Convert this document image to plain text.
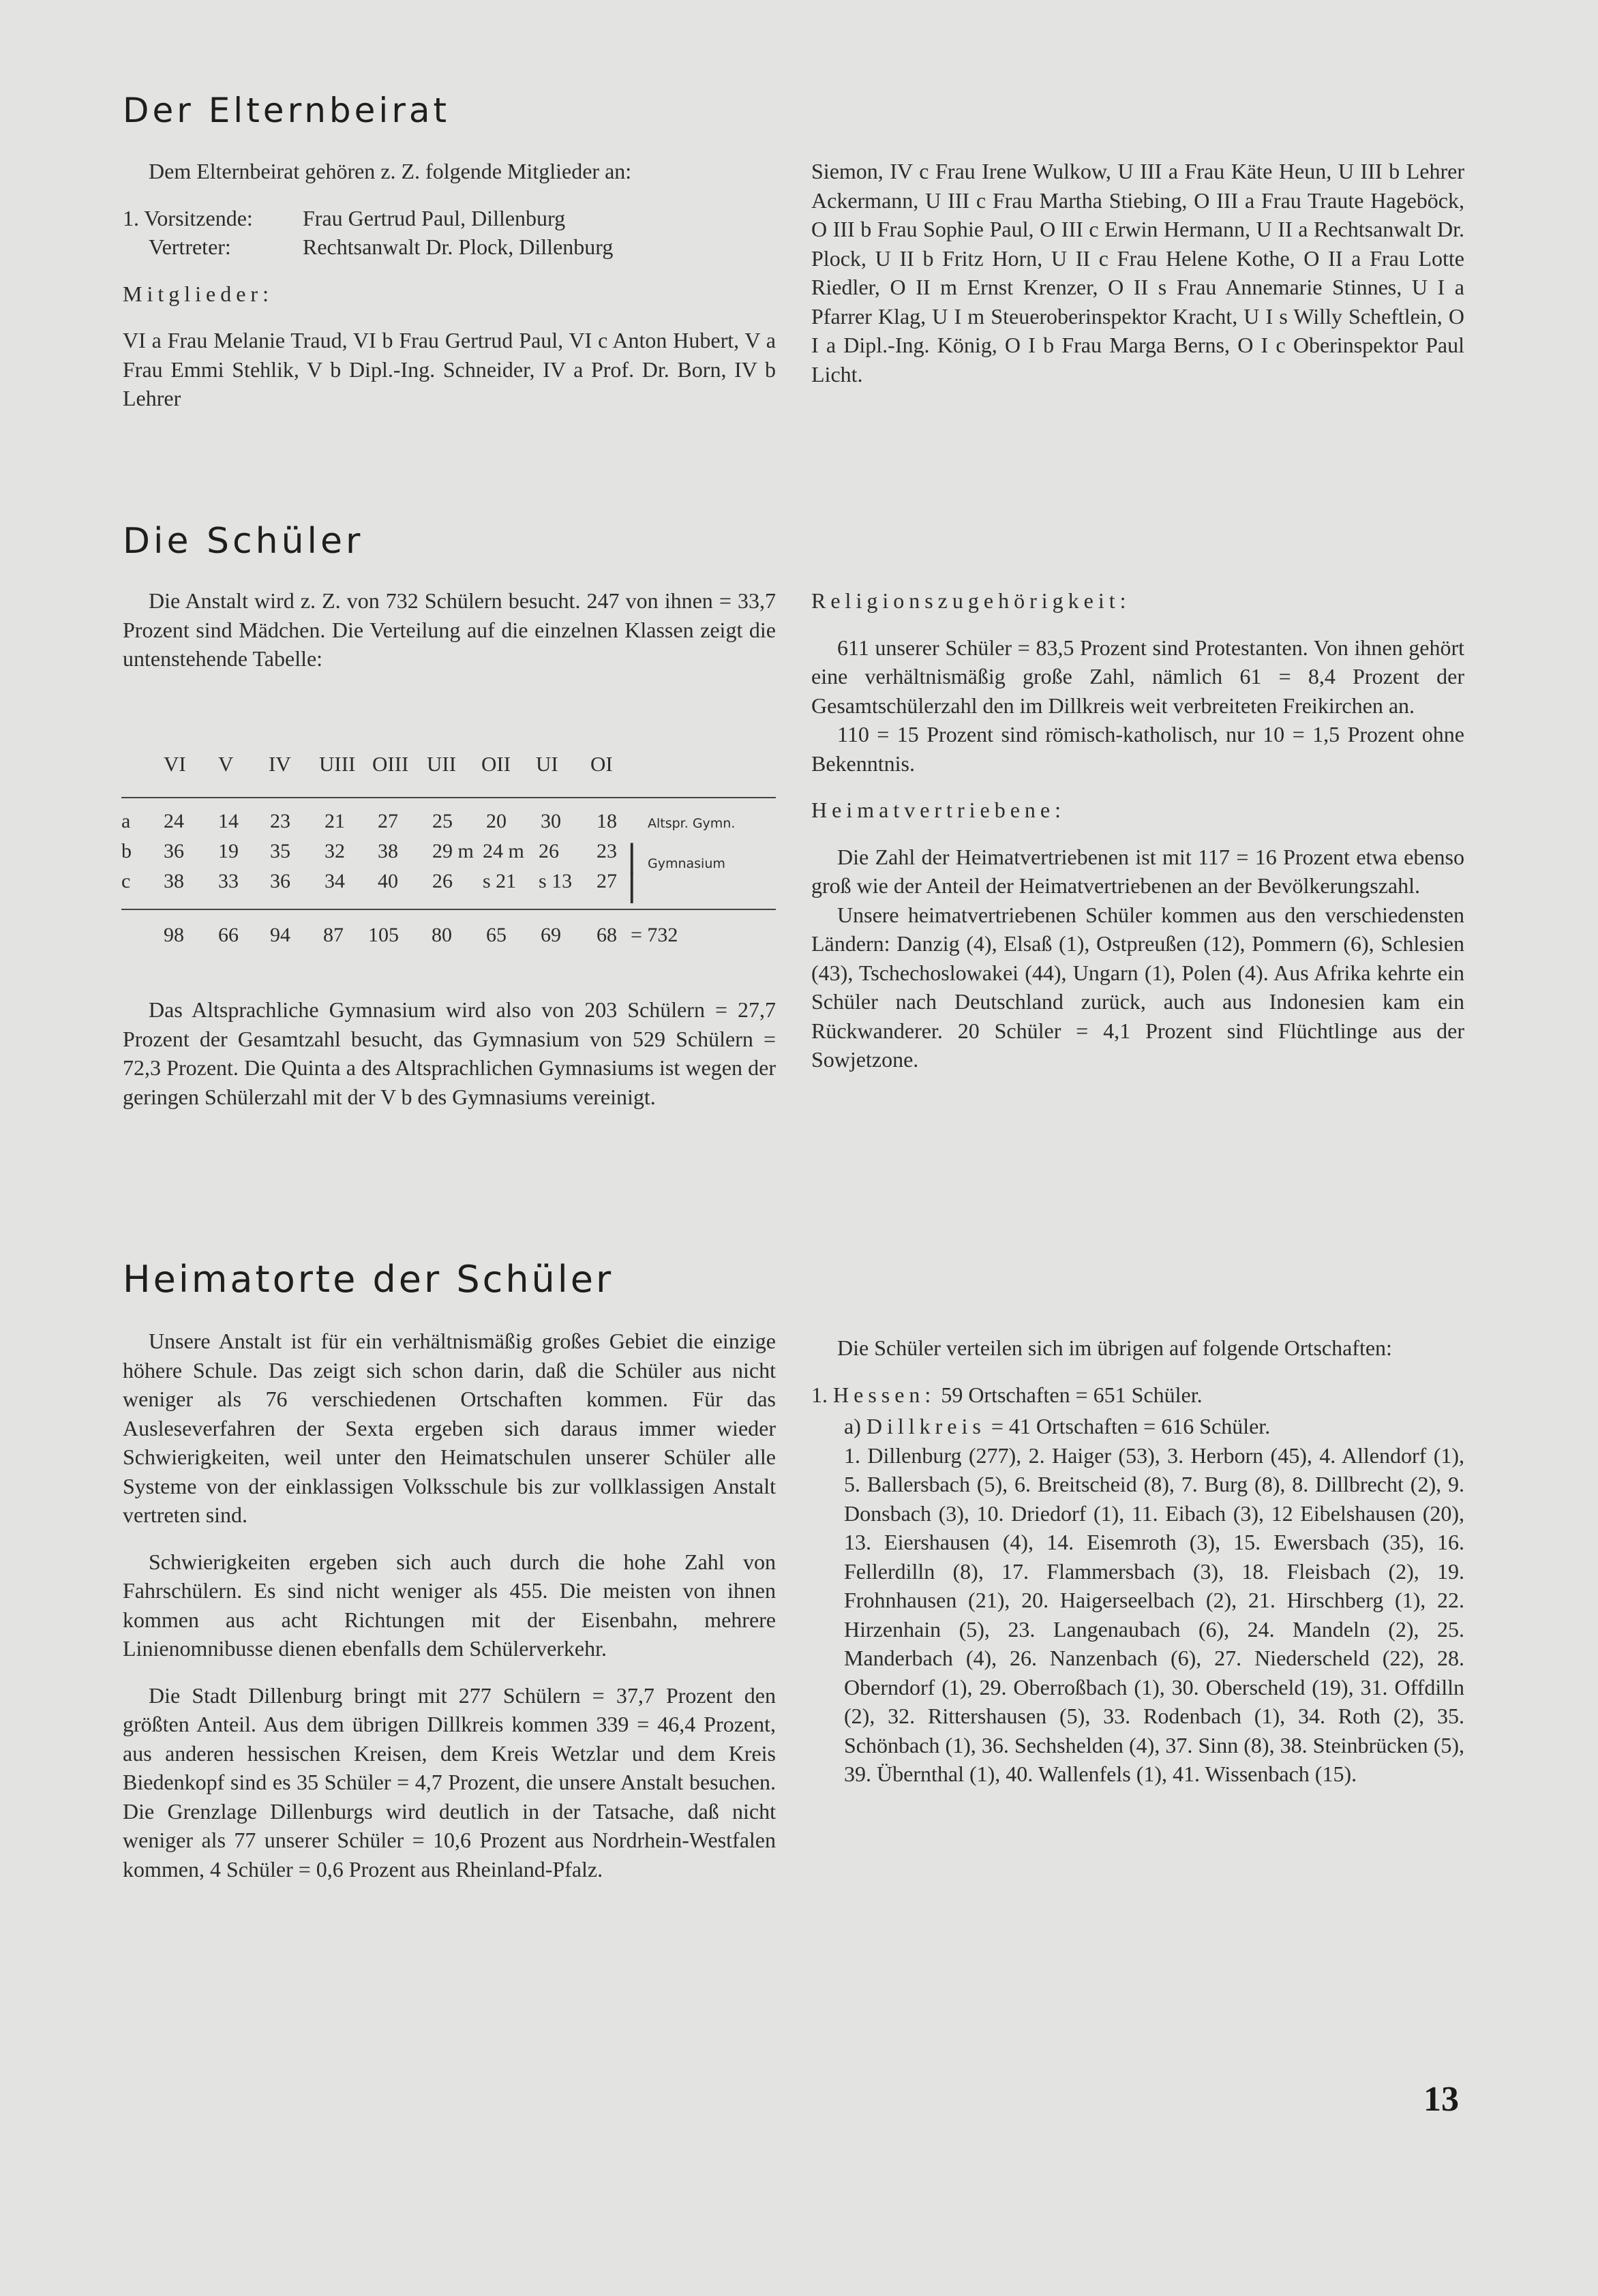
Der Elternbeirat

Dem Elternbeirat gehören z. Z. folgende Mitglieder an:

1. Vorsitzende: Frau Gertrud Paul, Dillenburg

Vertreter:	Rechtsanwalt Dr. Plock, Dillenburg

Mitglieder:

VI a Frau Melanie Traud, VI b Frau Gertrud Paul, VI c Anton Hubert, V a Frau Emmi Stehlik, V b Dipl.-Ing. Schneider, IV a Prof. Dr. Born, IV b Lehrer

Siemon, IV c Frau Irene Wulkow, U III a Frau Käte Heun, U III b Lehrer Ackermann, U III c Frau Martha Stiebing, O III a Frau Traute Hageböck, O III b Frau Sophie Paul, O III c Erwin Hermann, U II a Rechtsanwalt Dr. Plock, U II b Fritz Horn, U II c Frau Helene Kothe, O II a Frau Lotte Riedler, O II m Ernst Krenzer, O II s Frau Annemarie Stinnes, U I a Pfarrer Klag, U I m Steueroberinspektor Kracht, U I s Willy Scheftlein, O I a Dipl.-Ing. König, O I b Frau Marga Berns, O I c Oberinspektor Paul Licht.

Die Schüler

Die Anstalt wird z. Z. von 732 Schülern besucht. 247 von ihnen = 33,7 Prozent sind Mädchen. Die Verteilung auf die einzelnen Klassen zeigt die untenstehende Tabelle:

VI V IV UIII OIII UII OII UI OI
a 24 14 23 21 27 25 20 30 18 Altspr. Gymn.
b 36 19 35 32 38 29 m 24 m 26 23
Gymnasium
c 38 33 36 34 40 26 s 21 s 13 27
|
|
98 66 94 87 105 80 65 69 68 = 732

Das Altsprachliche Gymnasium wird also von 203 Schülern = 27,7 Prozent der Gesamtzahl besucht, das Gymnasium von 529 Schülern = 72,3 Prozent. Die Quinta a des Altsprachlichen Gymnasiums ist wegen der geringen Schülerzahl mit der V b des Gymnasiums vereinigt.

Religionszugehörigkeit:

611 unserer Schüler = 83,5 Prozent sind Protestanten. Von ihnen gehört eine verhältnismäßig große Zahl, nämlich 61 = 8,4 Prozent der Gesamtschülerzahl den im Dillkreis weit verbreiteten Freikirchen an.

110 = 15 Prozent sind römisch-katholisch, nur 10 = 1,5 Prozent ohne Bekenntnis.

Heimatvertriebene:

Die Zahl der Heimatvertriebenen ist mit 117 = 16 Prozent etwa ebenso groß wie der Anteil der Heimatvertriebenen an der Bevölkerungszahl.

Unsere heimatvertriebenen Schüler kommen aus den verschiedensten Ländern: Danzig (4), Elsaß (1), Ostpreußen (12), Pommern (6), Schlesien (43), Tschechoslowakei (44), Ungarn (1), Polen (4). Aus Afrika kehrte ein Schüler nach Deutschland zurück, auch aus Indonesien kam ein Rückwanderer. 20 Schüler = 4,1 Prozent sind Flüchtlinge aus der Sowjetzone.

Heimatorte der Schüler

Unsere Anstalt ist für ein verhältnismäßig großes Gebiet die einzige höhere Schule. Das zeigt sich schon darin, daß die Schüler aus nicht weniger als 76 verschiedenen Ortschaften kommen. Für das Ausleseverfahren der Sexta ergeben sich daraus immer wieder Schwierigkeiten, weil unter den Heimatschulen unserer Schüler alle Systeme von der einklassigen Volksschule bis zur vollklassigen Anstalt vertreten sind.

Schwierigkeiten ergeben sich auch durch die hohe Zahl von Fahrschülern. Es sind nicht weniger als 455. Die meisten von ihnen kommen aus acht Richtungen mit der Eisenbahn, mehrere Linienomnibusse dienen ebenfalls dem Schülerverkehr.

Die Stadt Dillenburg bringt mit 277 Schülern = 37,7 Prozent den größten Anteil. Aus dem übrigen Dillkreis kommen 339 = 46,4 Prozent, aus anderen hessischen Kreisen, dem Kreis Wetzlar und dem Kreis Biedenkopf sind es 35 Schüler = 4,7 Prozent, die unsere Anstalt besuchen. Die Grenzlage Dillenburgs wird deutlich in der Tatsache, daß nicht weniger als 77 unserer Schüler = 10,6 Prozent aus Nordrhein-Westfalen kommen, 4 Schüler = 0,6 Prozent aus Rheinland-Pfalz.

Die Schüler verteilen sich im übrigen auf folgende Ortschaften:

1. Hessen: 59 Ortschaften = 651 Schüler.

a) Dillkreis = 41 Ortschaften = 616 Schüler.

1. Dillenburg (277), 2. Haiger (53), 3. Herborn (45), 4. Allendorf (1), 5. Ballersbach (5), 6. Breitscheid (8), 7. Burg (8), 8. Dillbrecht (2), 9. Donsbach (3), 10. Driedorf (1), 11. Eibach (3), 12 Eibelshausen (20), 13. Eiershausen (4), 14. Eisemroth (3), 15. Ewersbach (35), 16. Fellerdilln (8), 17. Flammersbach (3), 18. Fleisbach (2), 19. Frohnhausen (21), 20. Haigerseelbach (2), 21. Hirschberg (1), 22. Hirzenhain (5), 23. Langenaubach (6), 24. Mandeln (2), 25. Manderbach (4), 26. Nanzenbach (6), 27. Niederscheld (22), 28. Oberndorf (1), 29. Oberroßbach (1), 30. Oberscheld (19), 31. Offdilln (2), 32. Rittershausen (5), 33. Rodenbach (1), 34. Roth (2), 35. Schönbach (1), 36. Sechshelden (4), 37. Sinn (8), 38. Steinbrücken (5), 39. Übernthal (1), 40. Wallenfels (1), 41. Wissenbach (15).

13
